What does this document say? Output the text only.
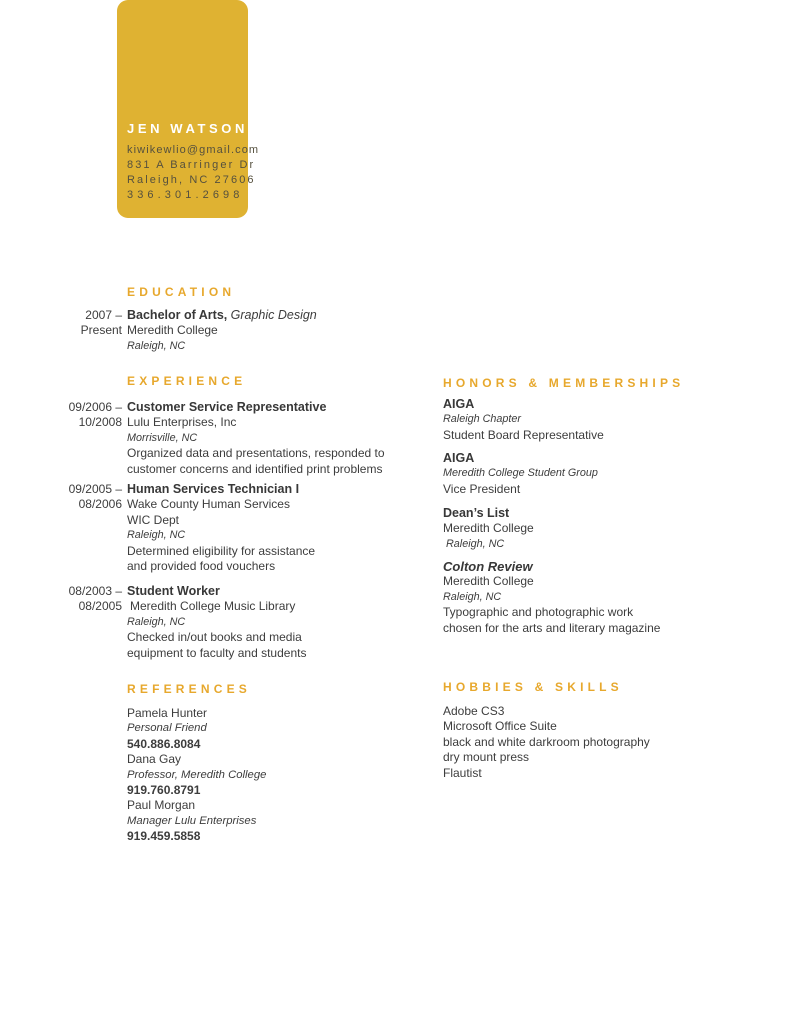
JEN WATSON
kiwikewlio@gmail.com
831 A Barringer Dr
Raleigh, NC 27606
336.301.2698
EDUCATION
2007 –
Present
Bachelor of Arts, Graphic Design
Meredith College
Raleigh, NC
EXPERIENCE
09/2006 –
10/2008
Customer Service Representative
Lulu Enterprises, Inc
Morrisville, NC
Organized data and presentations, responded to
customer concerns and identified print problems
09/2005 –
08/2006
Human Services Technician I
Wake County Human Services
WIC Dept
Raleigh, NC
Determined eligibility for assistance
and provided food vouchers
08/2003 –
08/2005
Student Worker
Meredith College Music Library
Raleigh, NC
Checked in/out books and media
equipment to faculty and students
REFERENCES
Pamela Hunter
Personal Friend
540.886.8084
Dana Gay
Professor, Meredith College
919.760.8791
Paul Morgan
Manager Lulu Enterprises
919.459.5858
HONORS & MEMBERSHIPS
AIGA
Raleigh Chapter
Student Board Representative
AIGA
Meredith College Student Group
Vice President
Dean’s List
Meredith College
Raleigh, NC
Colton Review
Meredith College
Raleigh, NC
Typographic and photographic work
chosen for the arts and literary magazine
HOBBIES & SKILLS
Adobe CS3
Microsoft Office Suite
black and white darkroom photography
dry mount press
Flautist
